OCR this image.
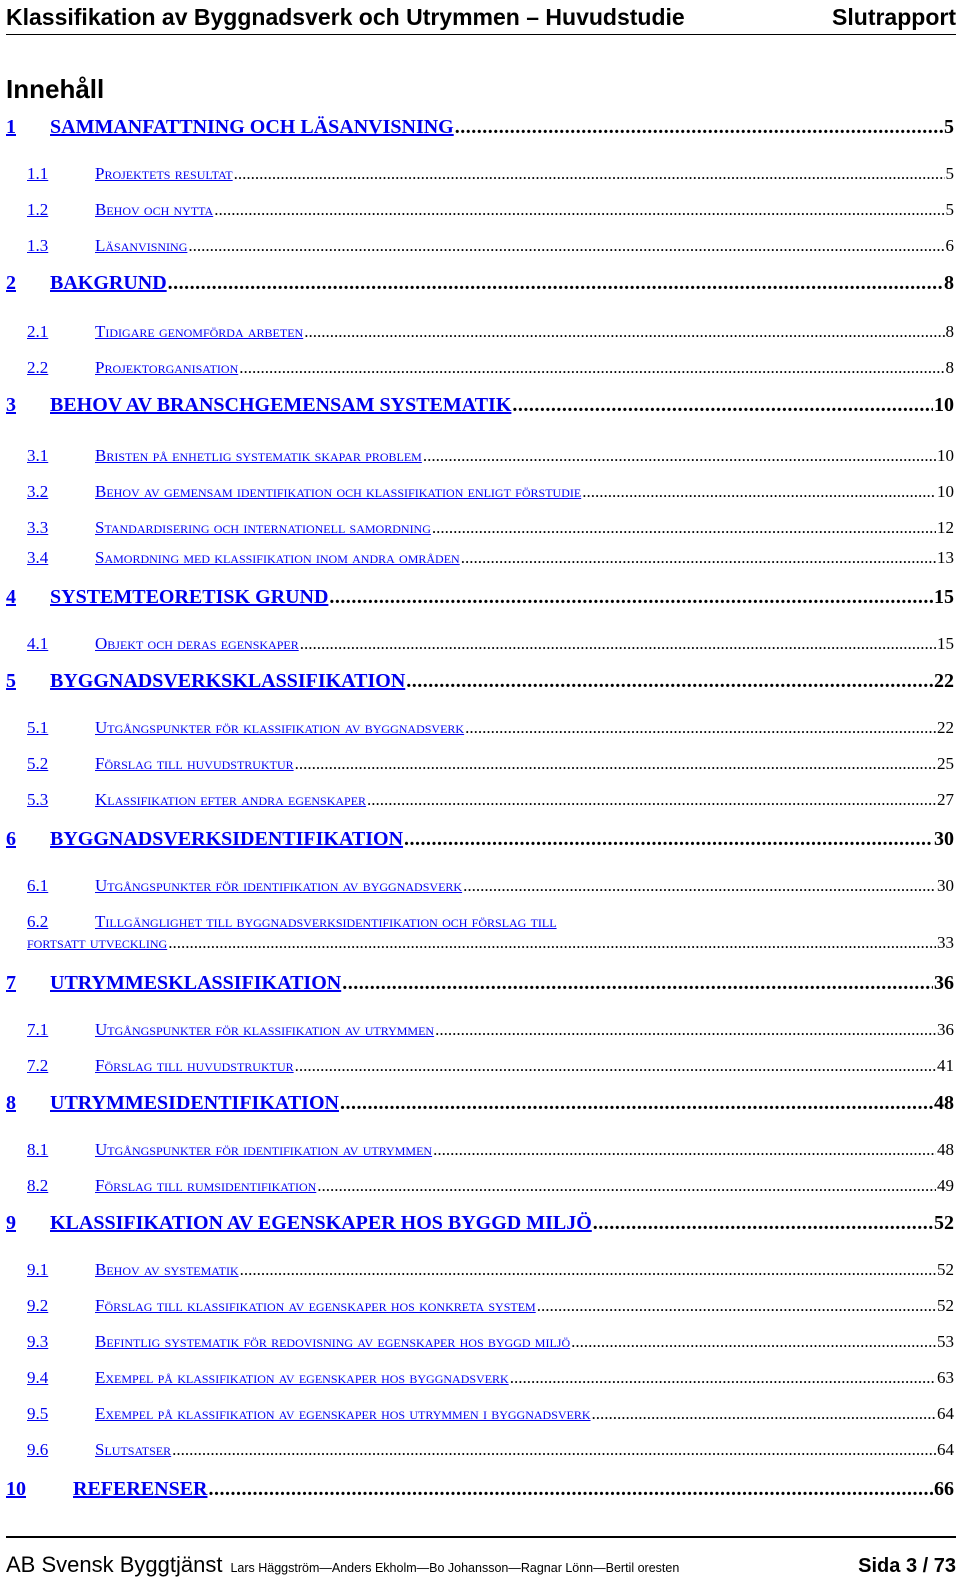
Klassifikation av Byggnadsverk och Utrymmen – Huvudstudie	Slutrapport
Innehåll
1	SAMMANFATTNING OCH LÄSANVISNING .....	5
1.1	Projektets resultat .....	5
1.2	Behov och nytta .....	5
1.3	Läsanvisning .....	6
2	BAKGRUND .....	8
2.1	Tidigare genomförda arbeten .....	8
2.2	Projektorganisation .....	8
3	BEHOV AV BRANSCHGEMENSAM SYSTEMATIK .....	10
3.1	Bristen på enhetlig systematik skapar problem .....	10
3.2	Behov av gemensam identifikation och klassifikation enligt förstudie .....	10
3.3	Standardisering och internationell samordning .....	12
3.4	Samordning med klassifikation inom andra områden .....	13
4	SYSTEMTEORETISK GRUND .....	15
4.1	Objekt och deras egenskaper .....	15
5	BYGGNADSVERKSKLASSIFIKATION .....	22
5.1	Utgångspunkter för klassifikation av byggnadsverk .....	22
5.2	Förslag till huvudstruktur .....	25
5.3	Klassifikation efter andra egenskaper .....	27
6	BYGGNADSVERKSIDENTIFIKATION .....	30
6.1	Utgångspunkter för identifikation av byggnadsverk .....	30
6.2	Tillgänglighet till byggnadsverksidentifikation och förslag till
fortsatt utveckling .....	33
7	UTRYMMESKLASSIFIKATION .....	36
7.1	Utgångspunkter för klassifikation av utrymmen .....	36
7.2	Förslag till huvudstruktur .....	41
8	UTRYMMESIDENTIFIKATION .....	48
8.1	Utgångspunkter för identifikation av utrymmen .....	48
8.2	Förslag till rumsidentifikation .....	49
9	KLASSIFIKATION AV EGENSKAPER HOS BYGGD MILJÖ .....	52
9.1	Behov av systematik .....	52
9.2	Förslag till klassifikation av egenskaper hos konkreta system .....	52
9.3	Befintlig systematik för redovisning av egenskaper hos byggd miljö .....	53
9.4	Exempel på klassifikation av egenskaper hos byggnadsverk .....	63
9.5	Exempel på klassifikation av egenskaper hos utrymmen i byggnadsverk .....	64
9.6	Slutsatser .....	64
10	REFERENSER .....	66
AB Svensk Byggtjänst Lars Häggström—Anders Ekholm—Bo Johansson—Ragnar Lönn—Bertil oresten	Sida 3 / 73
